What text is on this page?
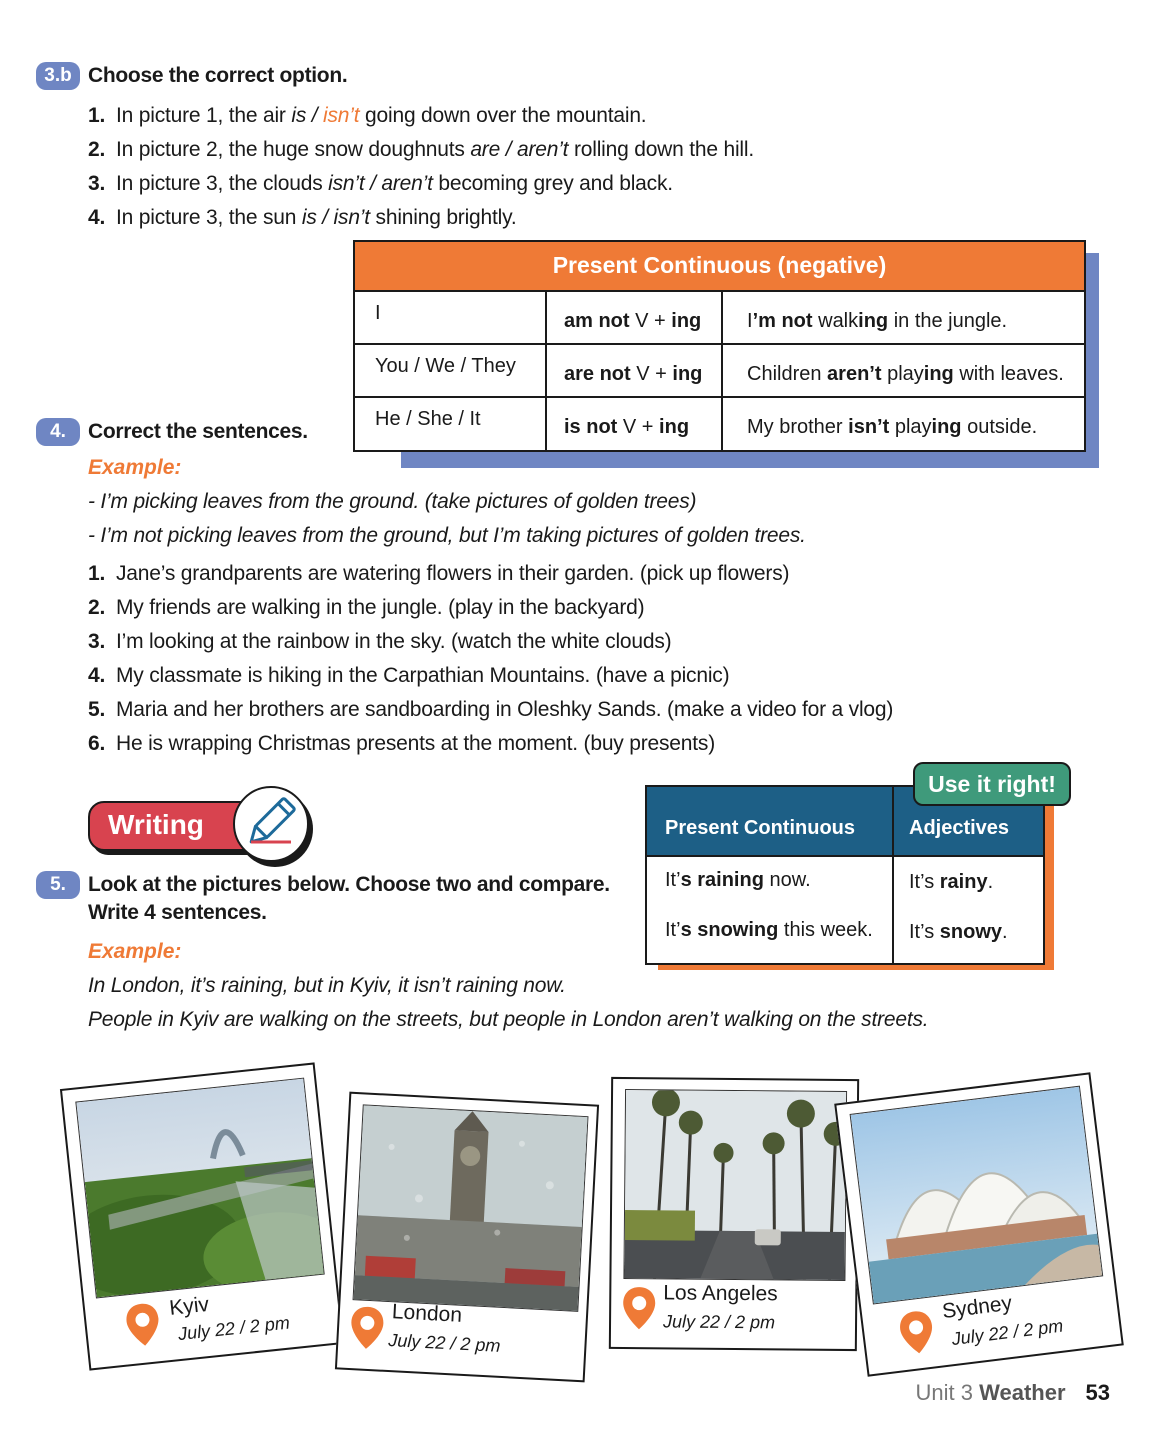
3.b Choose the correct option.
1. In picture 1, the air is / isn’t going down over the mountain.
2. In picture 2, the huge snow doughnuts are / aren’t rolling down the hill.
3. In picture 3, the clouds isn’t / aren’t becoming grey and black.
4. In picture 3, the sun is / isn’t shining brightly.
Present Continuous (negative)
I	am not V + ing	I’m not walking in the jungle.
You / We / They	are not V + ing	Children aren’t playing with leaves.
He / She / It	is not V + ing	My brother isn’t playing outside.
4.	Correct the sentences.
Example:
- I’m picking leaves from the ground. (take pictures of golden trees)
- I’m not picking leaves from the ground, but I’m taking pictures of golden trees.
1. Jane’s grandparents are watering flowers in their garden. (pick up flowers)
2. My friends are walking in the jungle. (play in the backyard)
3. I’m looking at the rainbow in the sky. (watch the white clouds)
4. My classmate is hiking in the Carpathian Mountains. (have a picnic)
5. Maria and her brothers are sandboarding in Oleshky Sands. (make a video for a vlog)
6. He is wrapping Christmas presents at the moment. (buy presents)
Writing	Present Continuous	Adjectives
It’s raining now.	It’s rainy.
It’s snowing this week.	It’s snowy.
Use it right!
5.	Look at the pictures below. Choose two and compare.
Write 4 sentences.
Example:
In London, it’s raining, but in Kyiv, it isn’t raining now.
People in Kyiv are walking on the streets, but people in London aren’t walking on the streets.
Kyiv
July 22 / 2 pm	London
July 22 / 2 pm
Los Angeles
July 22 / 2 pm	Sydney
July 22 / 2 pm
Unit 3 Weather 53
